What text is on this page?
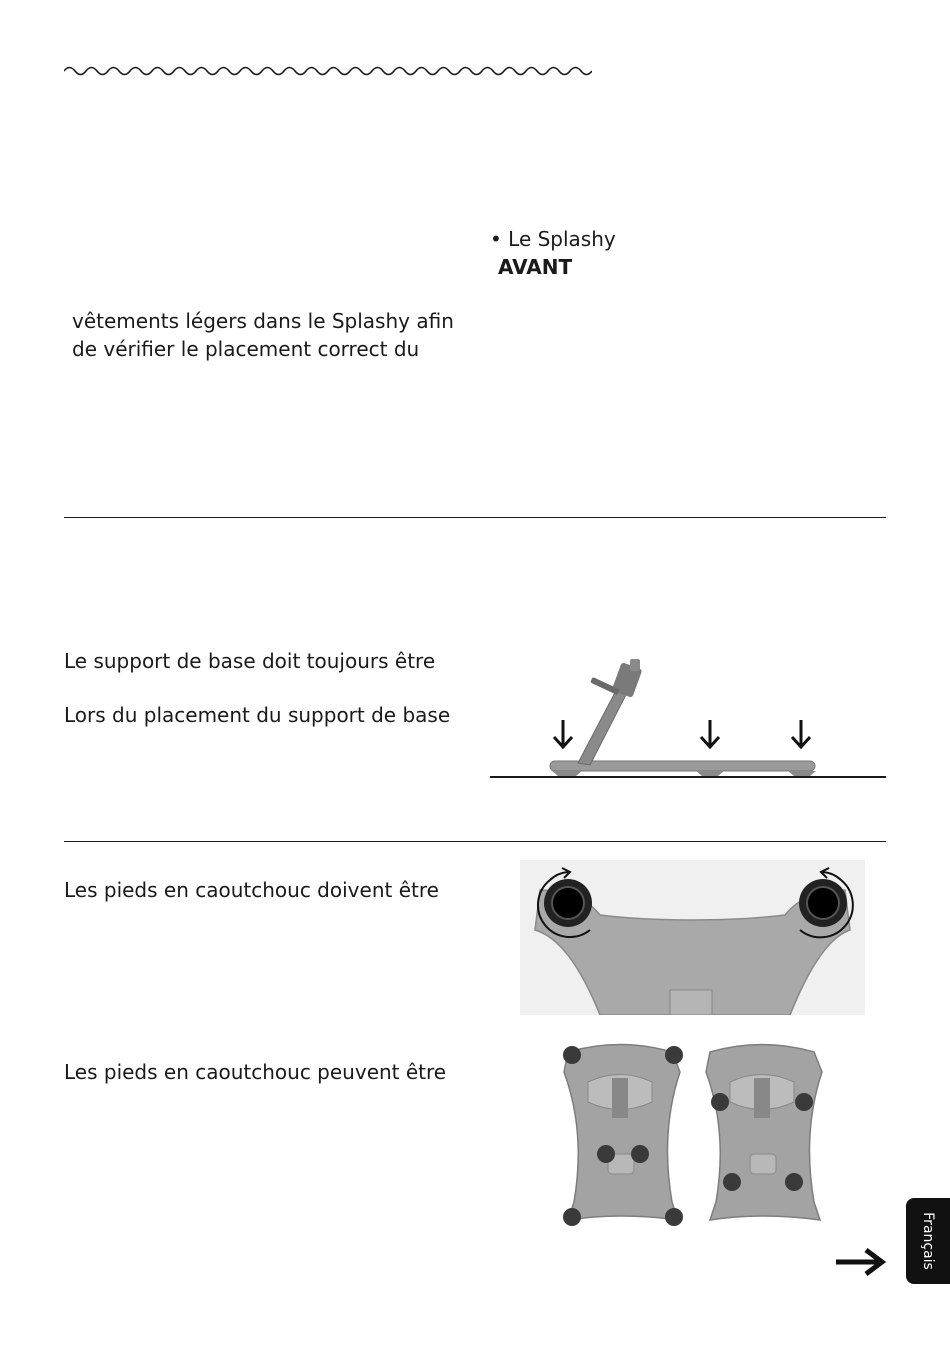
• Le Splashy
AVANT
vêtements légers dans le Splashy afin
de vérifier le placement correct du
Le support de base doit toujours être
Lors du placement du support de base
Les pieds en caoutchouc doivent être
Les pieds en caoutchouc peuvent être
Français
